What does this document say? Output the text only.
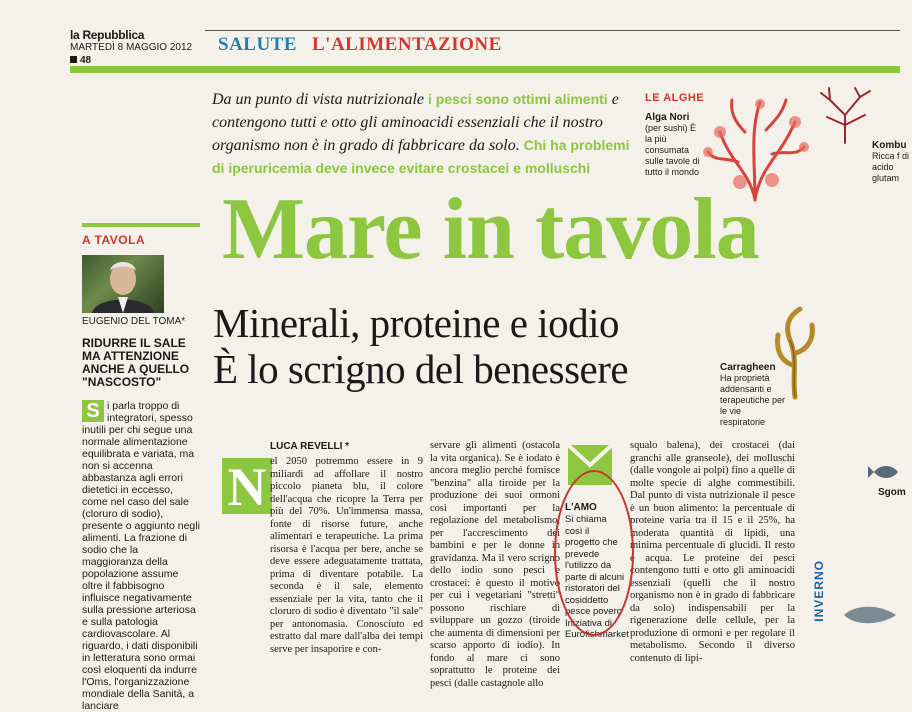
la Repubblica
MARTEDÌ 8 MAGGIO 2012
48
SALUTE L'ALIMENTAZIONE
Da un punto di vista nutrizionale i pesci sono ottimi alimenti e contengono tutti e otto gli aminoacidi essenziali che il nostro organismo non è in grado di fabbricare da solo. Chi ha problemi di iperuricemia deve invece evitare crostacei e molluschi
LE ALGHE
Alga Nori
(per sushi) È la più consumata sulle tavole di tutto il mondo
Kombu
Ricca f di acido glutam
Mare in tavola
A TAVOLA
EUGENIO DEL TOMA*
RIDURRE IL SALE MA ATTENZIONE ANCHE A QUELLO "NASCOSTO"
S i parla troppo di integratori, spesso inutili per chi segue una normale alimentazione equilibrata e variata, ma non si accenna abbastanza agli errori dietetici in eccesso, come nel caso del sale (cloruro di sodio), presente o aggiunto negli alimenti. La frazione di sodio che la maggioranza della popolazione assume oltre il fabbisogno influisce negativamente sulla pressione arteriosa e sulla patologia cardiovascolare. Al riguardo, i dati disponibili in letteratura sono ormai così eloquenti da indurre l'Oms, l'organizzazione mondiale della Sanità, a lanciare
Minerali, proteine e iodio
È lo scrigno del benessere	Carragheen
Ha proprietà addensanti e terapeutiche per le vie respiratorie
LUCA REVELLI *
N el 2050 potremmo essere in 9 miliardi ad affollare il nostro piccolo pianeta blu, il colore dell'acqua che ricopre la Terra per più del 70%. Un'immensa massa, fonte di risorse future, anche alimentari e terapeutiche. La prima risorsa è l'acqua per bere, anche se deve essere adeguatamente trattata, prima di diventare potabile. La seconda è il sale, elemento essenziale per la vita, tanto che il cloruro di sodio è diventato "il sale" per antonomasia. Conosciuto ed estratto dal mare dall'alba dei tempi serve per insaporire e con-
servare gli alimenti (ostacola la vita organica). Se è iodato è ancora meglio perché fornisce "benzina" alla tiroide per la produzione dei suoi ormoni così importanti per la regolazione del metabolismo, per l'accrescimento dei bambini e per le donne in gravidanza. Ma il vero scrigno dello iodio sono pesci e crostacei: è questo il motivo per cui i vegetariani "stretti" possono rischiare di sviluppare un gozzo (tiroide che aumenta di dimensioni per scarso apporto di iodio). In fondo al mare ci sono soprattutto le proteine dei pesci (dalle castagnole allo
squalo balena), dei crostacei (dai granchi alle granseole), dei molluschi (dalle vongole ai polpi) fino a quelle di molte specie di alghe commestibili. Dal punto di vista nutrizionale il pesce è un buon alimento: la percentuale di proteine varia tra il 15 e il 25%, ha moderata quantità di lipidi, una minima percentuale di glucidi. Il resto è acqua. Le proteine dei pesci contengono tutti e otto gli aminoacidi essenziali (quelli che il nostro organismo non è in grado di fabbricare da solo) indispensabili per la rigenerazione delle cellule, per la produzione di ormoni e per regolare il metabolismo. Secondo il diverso contenuto di lipi-
L'AMO
Si chiama così il progetto che prevede l'utilizzo da parte di alcuni ristoratori del cosiddetto pesce povero Iniziativa di Eurofishmarket
Sgom
INVERNO
